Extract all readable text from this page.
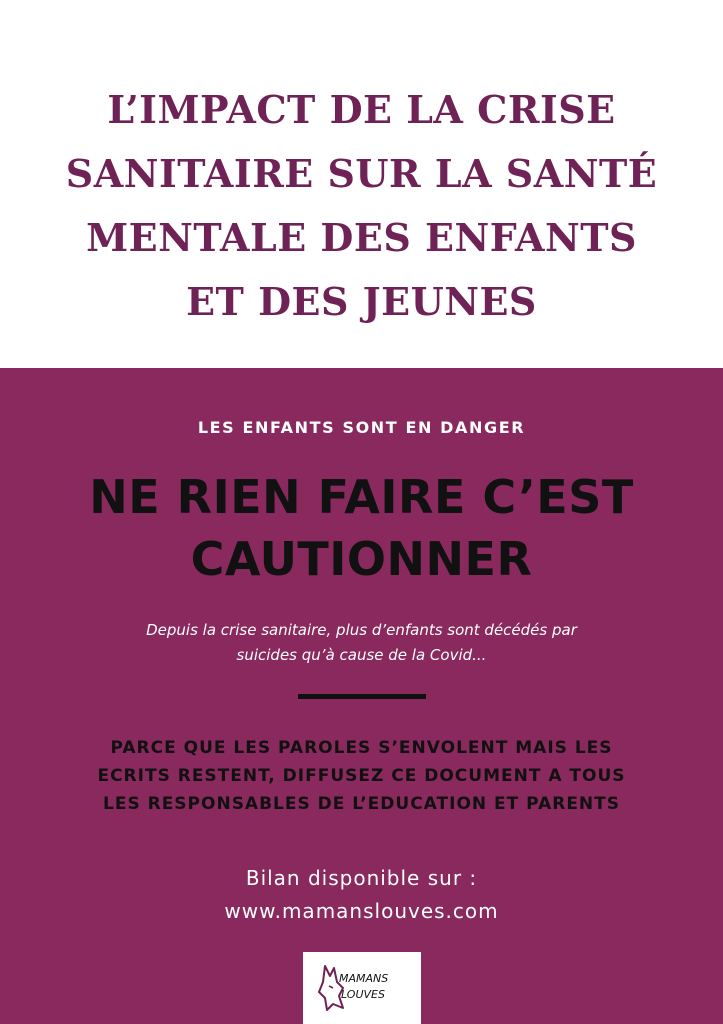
L’IMPACT DE LA CRISE
SANITAIRE SUR LA SANTÉ
MENTALE DES ENFANTS
ET DES JEUNES
LES ENFANTS SONT EN DANGER
NE RIEN FAIRE C’EST
CAUTIONNER
Depuis la crise sanitaire, plus d’enfants sont décédés par
suicides qu’à cause de la Covid...
PARCE QUE LES PAROLES S’ENVOLENT MAIS LES
ECRITS RESTENT, DIFFUSEZ CE DOCUMENT A TOUS
LES RESPONSABLES DE L’EDUCATION ET PARENTS
Bilan disponible sur :
www.mamanslouves.com
MAMANS
LOUVES
